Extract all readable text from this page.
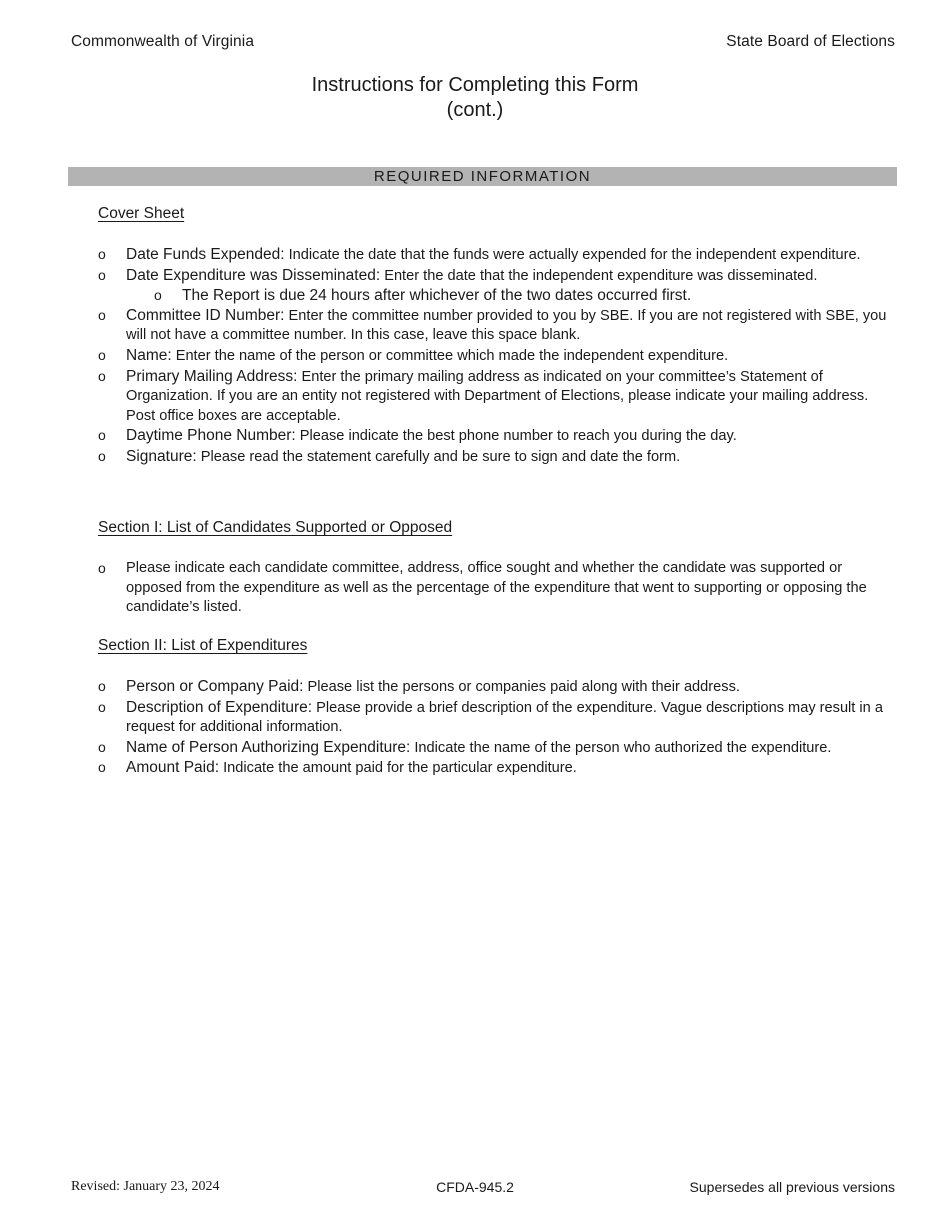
Commonwealth of Virginia	State Board of Elections
Instructions for Completing this Form
(cont.)
REQUIRED INFORMATION
Cover Sheet
o Date Funds Expended: Indicate the date that the funds were actually expended for the independent expenditure.
o Date Expenditure was Disseminated: Enter the date that the independent expenditure was disseminated.
o The Report is due 24 hours after whichever of the two dates occurred first.
o Committee ID Number: Enter the committee number provided to you by SBE. If you are not registered with SBE, you will not have a committee number. In this case, leave this space blank.
o Name: Enter the name of the person or committee which made the independent expenditure.
o Primary Mailing Address: Enter the primary mailing address as indicated on your committee’s Statement of Organization. If you are an entity not registered with Department of Elections, please indicate your mailing address. Post office boxes are acceptable.
o Daytime Phone Number: Please indicate the best phone number to reach you during the day.
o Signature: Please read the statement carefully and be sure to sign and date the form.
Section I: List of Candidates Supported or Opposed
o Please indicate each candidate committee, address, office sought and whether the candidate was supported or opposed from the expenditure as well as the percentage of the expenditure that went to supporting or opposing the candidate’s listed.
Section II: List of Expenditures
o Person or Company Paid: Please list the persons or companies paid along with their address.
o Description of Expenditure: Please provide a brief description of the expenditure. Vague descriptions may result in a request for additional information.
o Name of Person Authorizing Expenditure: Indicate the name of the person who authorized the expenditure.
o Amount Paid: Indicate the amount paid for the particular expenditure.
Revised: January 23, 2024	CFDA-945.2	Supersedes all previous versions
